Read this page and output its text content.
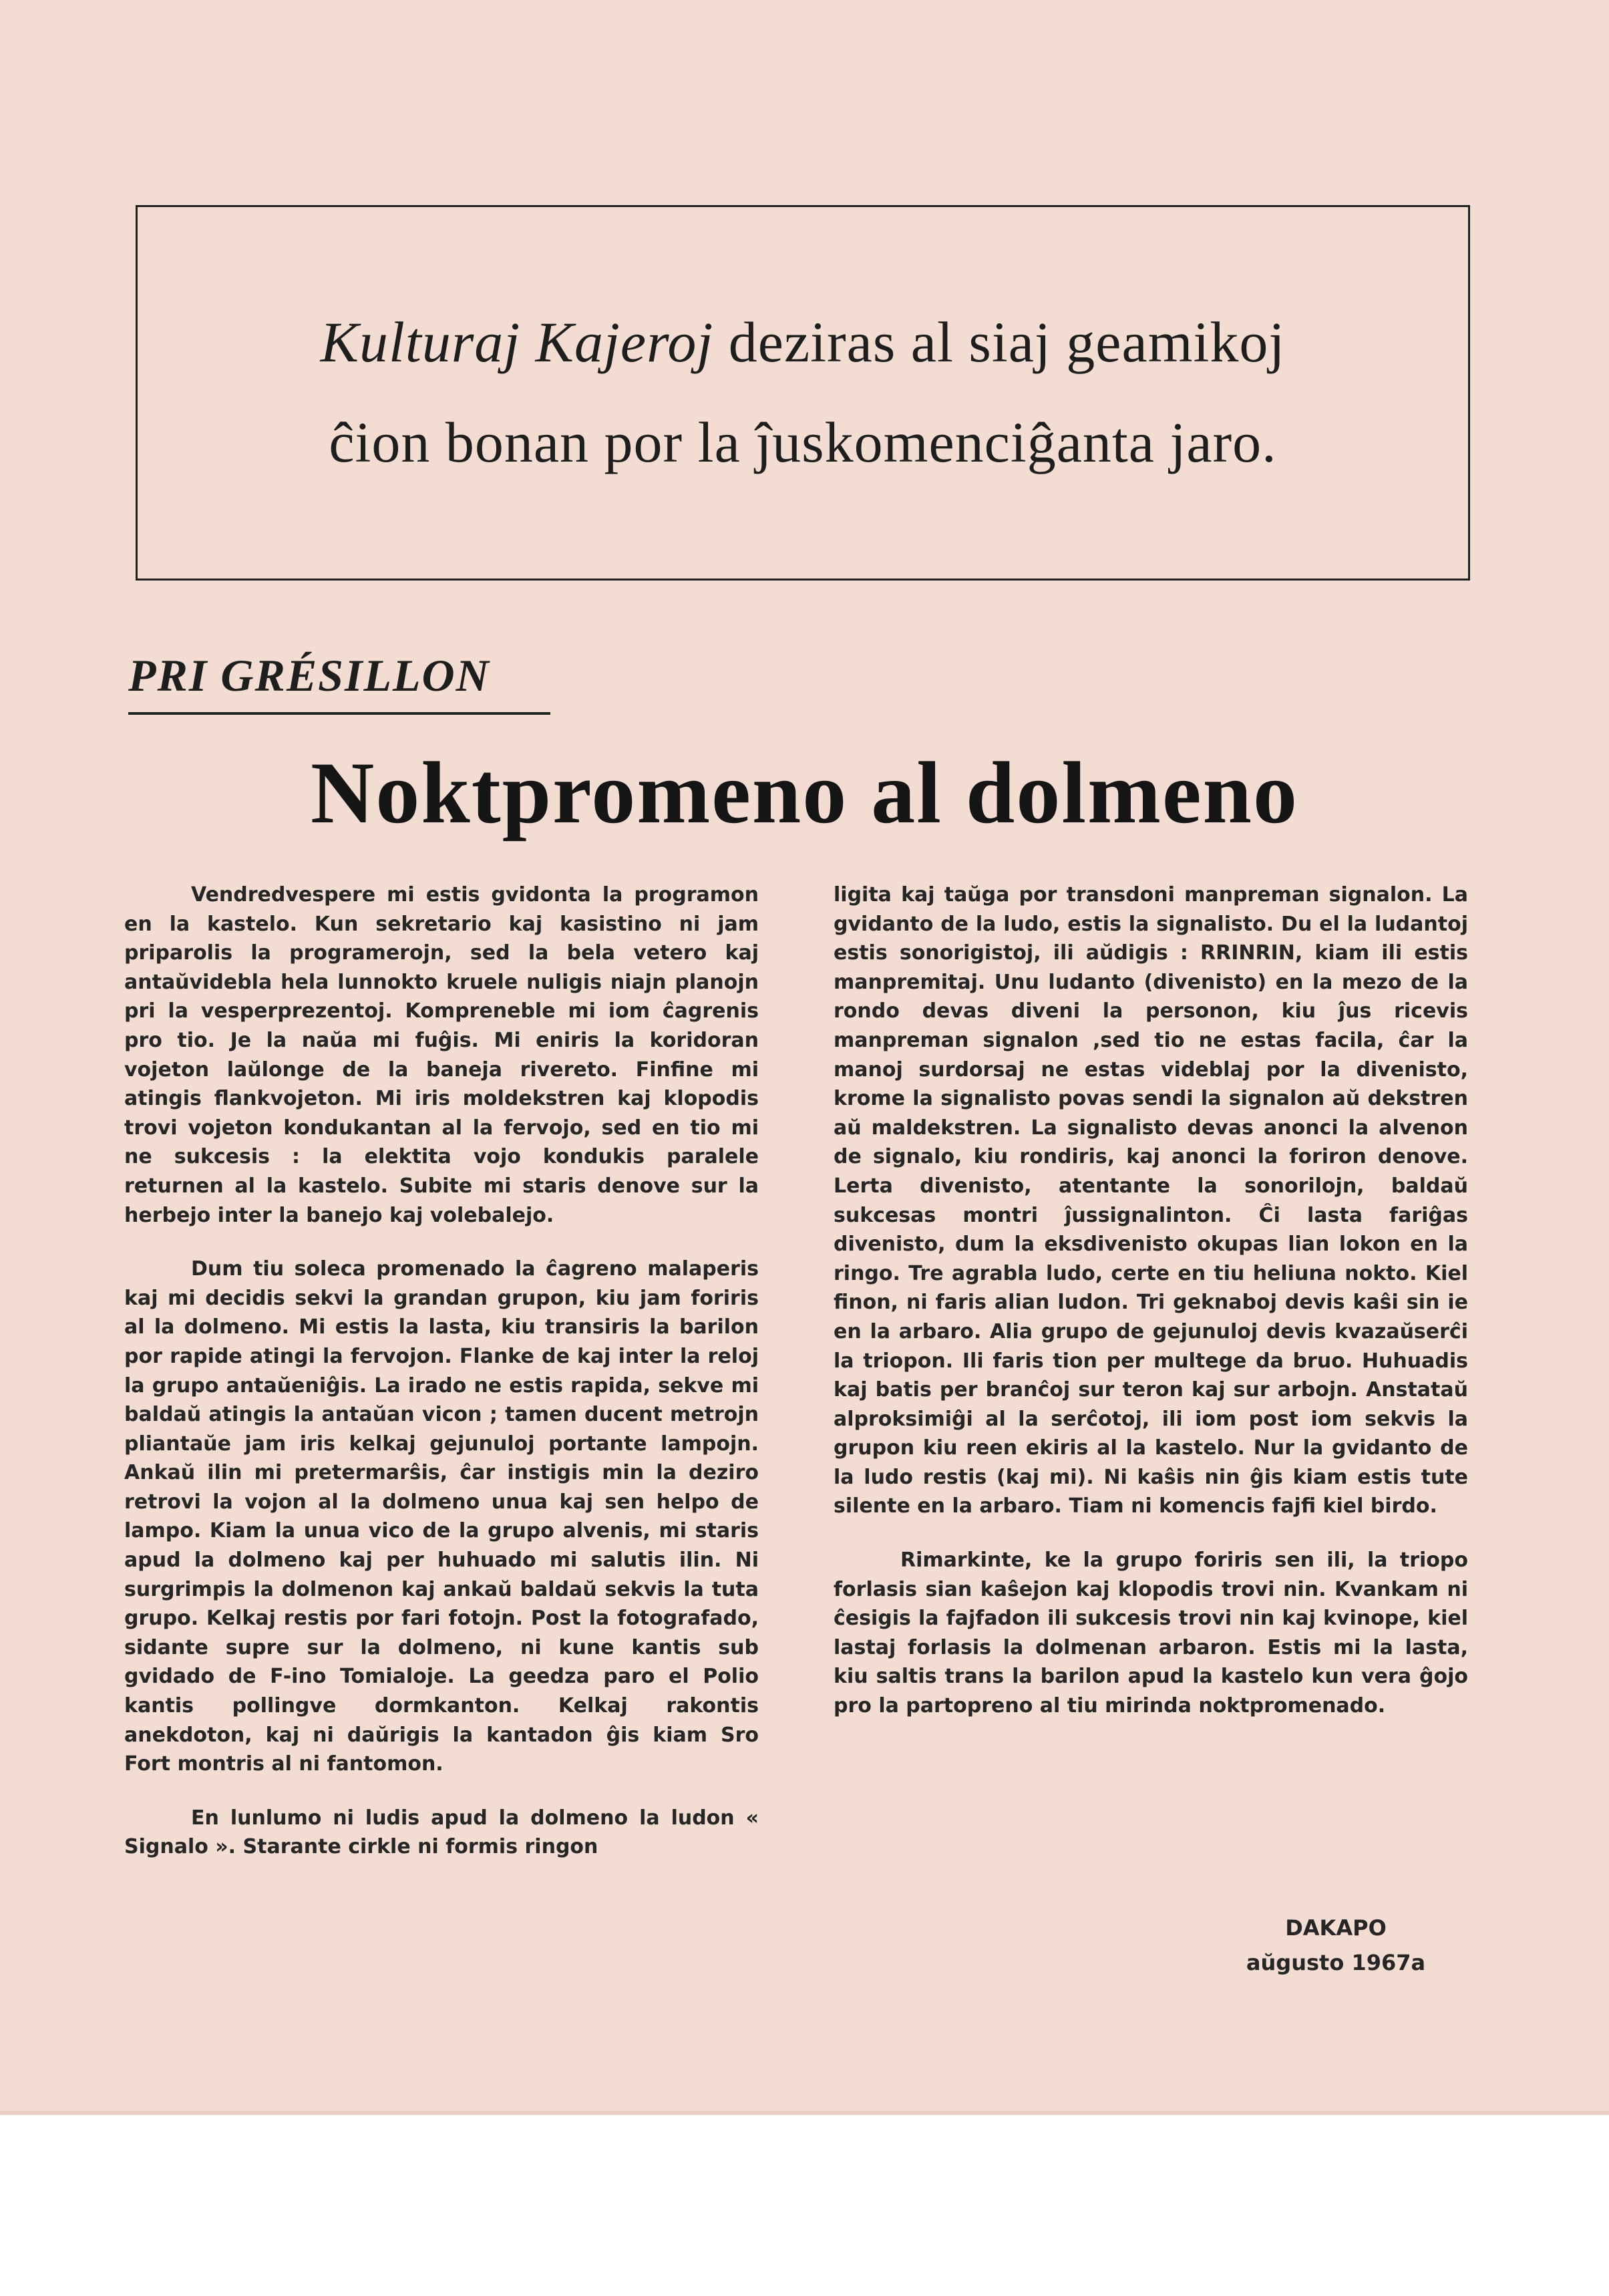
Kulturaj Kajeroj deziras al siaj geamikoj
ĉion bonan por la ĵuskomenciĝanta jaro.
PRI GRÉSILLON
Noktpromeno al dolmeno

Vendredvespere mi estis gvidonta la programon en la kastelo. Kun sekretario kaj kasistino ni jam priparolis la programerojn, sed la bela vetero kaj antaŭvidebla hela lunnokto kruele nuligis niajn planojn pri la vesperprezentoj. Kompreneble mi iom ĉagrenis pro tio. Je la naŭa mi fuĝis. Mi eniris la koridoran vojeton laŭlonge de la baneja rivereto. Finfine mi atingis flankvojeton. Mi iris moldekstren kaj klopodis trovi vojeton kondukantan al la fervojo, sed en tio mi ne sukcesis : la elektita vojo kondukis paralele returnen al la kastelo. Subite mi staris denove sur la herbejo inter la banejo kaj volebalejo.

Dum tiu soleca promenado la ĉagreno malaperis kaj mi decidis sekvi la grandan grupon, kiu jam foriris al la dolmeno. Mi estis la lasta, kiu transiris la barilon por rapide atingi la fervojon. Flanke de kaj inter la reloj la grupo antaŭeniĝis. La irado ne estis rapida, sekve mi baldaŭ atingis la antaŭan vicon ; tamen ducent metrojn pliantaŭe jam iris kelkaj gejunuloj portante lampojn. Ankaŭ ilin mi pretermarŝis, ĉar instigis min la deziro retrovi la vojon al la dolmeno unua kaj sen helpo de lampo. Kiam la unua vico de la grupo alvenis, mi staris apud la dolmeno kaj per huhuado mi salutis ilin. Ni surgrimpis la dolmenon kaj ankaŭ baldaŭ sekvis la tuta grupo. Kelkaj restis por fari fotojn. Post la fotografado, sidante supre sur la dolmeno, ni kune kantis sub gvidado de F-ino Tomialoje. La geedza paro el Polio kantis pollingve dormkanton. Kelkaj rakontis anekdoton, kaj ni daŭrigis la kantadon ĝis kiam Sro Fort montris al ni fantomon.

En lunlumo ni ludis apud la dolmeno la ludon « Signalo ». Starante cirkle ni formis ringon

ligita kaj taŭga por transdoni manpreman signalon. La gvidanto de la ludo, estis la signalisto. Du el la ludantoj estis sonorigistoj, ili aŭdigis : RRINRIN, kiam ili estis manpremitaj. Unu ludanto (divenisto) en la mezo de la rondo devas diveni la personon, kiu ĵus ricevis manpreman signalon ,sed tio ne estas facila, ĉar la manoj surdorsaj ne estas videblaj por la divenisto, krome la signalisto povas sendi la signalon aŭ dekstren aŭ maldekstren. La signalisto devas anonci la alvenon de signalo, kiu rondiris, kaj anonci la foriron denove. Lerta divenisto, atentante la sonorilojn, baldaŭ sukcesas montri ĵussignalinton. Ĉi lasta fariĝas divenisto, dum la eksdivenisto okupas lian lokon en la ringo. Tre agrabla ludo, certe en tiu heliuna nokto. Kiel finon, ni faris alian ludon. Tri geknaboj devis kaŝi sin ie en la arbaro. Alia grupo de gejunuloj devis kvazaŭserĉi la triopon. Ili faris tion per multege da bruo. Huhuadis kaj batis per branĉoj sur teron kaj sur arbojn. Anstataŭ alproksimiĝi al la serĉotoj, ili iom post iom sekvis la grupon kiu reen ekiris al la kastelo. Nur la gvidanto de la ludo restis (kaj mi). Ni kaŝis nin ĝis kiam estis tute silente en la arbaro. Tiam ni komencis fajfi kiel birdo.

Rimarkinte, ke la grupo foriris sen ili, la triopo forlasis sian kaŝejon kaj klopodis trovi nin. Kvankam ni ĉesigis la fajfadon ili sukcesis trovi nin kaj kvinope, kiel lastaj forlasis la dolmenan arbaron. Estis mi la lasta, kiu saltis trans la barilon apud la kastelo kun vera ĝojo pro la partopreno al tiu mirinda noktpromenado.

DAKAPO
aŭgusto 1967a
